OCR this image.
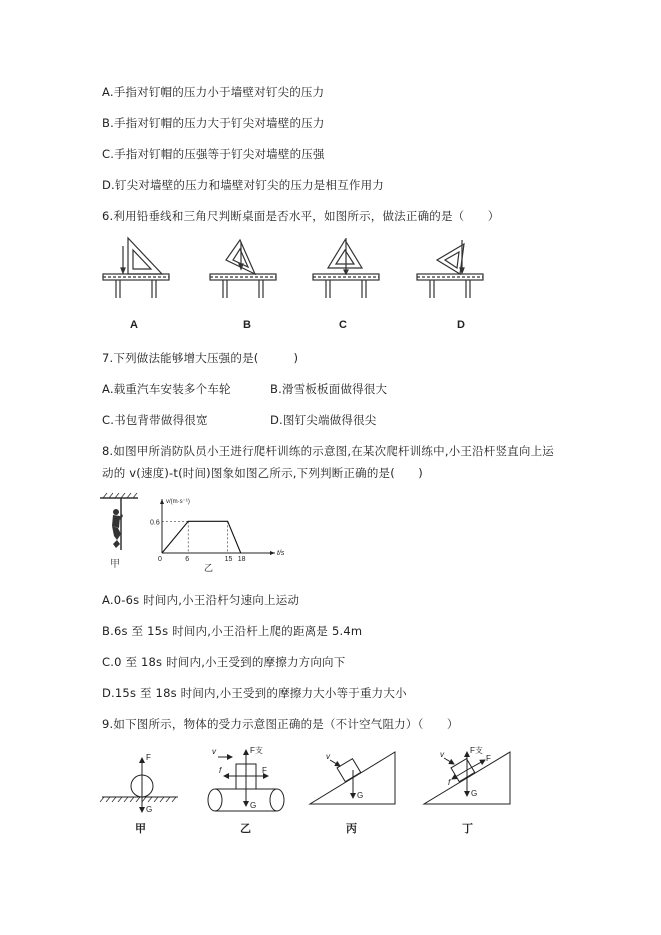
A.手指对钉帽的压力小于墙壁对钉尖的压力
B.手指对钉帽的压力大于钉尖对墙壁的压力
C.手指对钉帽的压强等于钉尖对墙壁的压强
D.钉尖对墙壁的压力和墙壁对钉尖的压力是相互作用力
6.利用铅垂线和三角尺判断桌面是否水平，如图所示，做法正确的是（　　）
A	B	C	D
7.下列做法能够增大压强的是(　　　)
A.载重汽车安装多个车轮	B.滑雪板板面做得很大
C.书包背带做得很宽	D.图钉尖端做得很尖
8.如图甲所消防队员小王进行爬杆训练的示意图,在某次爬杆训练中,小王沿杆竖直向上运
动的 v(速度)-t(时间)图象如图乙所示,下列判断正确的是(　　)
甲
v/(m·s⁻¹)
t/s
0
0.6
6	15 18
乙
A.0-6s 时间内,小王沿杆匀速向上运动
B.6s 至 15s 时间内,小王沿杆上爬的距离是 5.4m
C.0 至 18s 时间内,小王受到的摩擦力方向向下
D.15s 至 18s 时间内,小王受到的摩擦力大小等于重力大小
9.如下图所示，物体的受力示意图正确的是（不计空气阻力）（　　）
F
G
v	F支
f	F
G
v
G
v	F支
F
f
G
甲	乙	丙	丁
